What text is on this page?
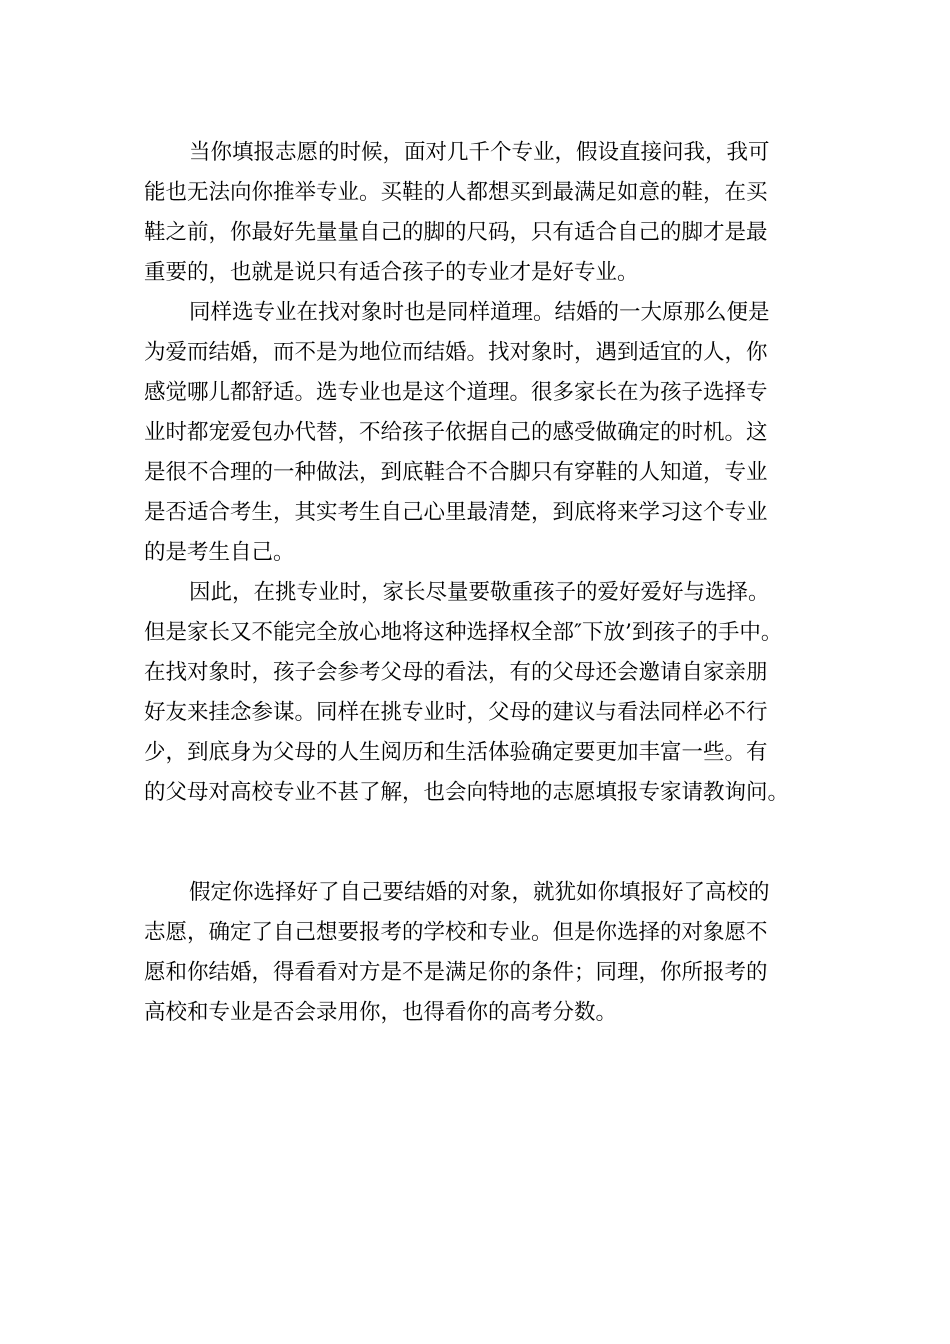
当你填报志愿的时候，面对几千个专业，假设直接问我，我可
能也无法向你推举专业。买鞋的人都想买到最满足如意的鞋，在买
鞋之前，你最好先量量自己的脚的尺码，只有适合自己的脚才是最
重要的，也就是说只有适合孩子的专业才是好专业。
同样选专业在找对象时也是同样道理。结婚的一大原那么便是
为爱而结婚，而不是为地位而结婚。找对象时，遇到适宜的人，你
感觉哪儿都舒适。选专业也是这个道理。很多家长在为孩子选择专
业时都宠爱包办代替，不给孩子依据自己的感受做确定的时机。这
是很不合理的一种做法，到底鞋合不合脚只有穿鞋的人知道，专业
是否适合考生，其实考生自己心里最清楚，到底将来学习这个专业
的是考生自己。
因此，在挑专业时，家长尽量要敬重孩子的爱好爱好与选择。
但是家长又不能完全放心地将这种选择权全部″下放’到孩子的手中。
在找对象时，孩子会参考父母的看法，有的父母还会邀请自家亲朋
好友来挂念参谋。同样在挑专业时，父母的建议与看法同样必不行
少，到底身为父母的人生阅历和生活体验确定要更加丰富一些。有
的父母对高校专业不甚了解，也会向特地的志愿填报专家请教询问。
假定你选择好了自己要结婚的对象，就犹如你填报好了高校的
志愿，确定了自己想要报考的学校和专业。但是你选择的对象愿不
愿和你结婚，得看看对方是不是满足你的条件；同理，你所报考的
高校和专业是否会录用你，也得看你的高考分数。
